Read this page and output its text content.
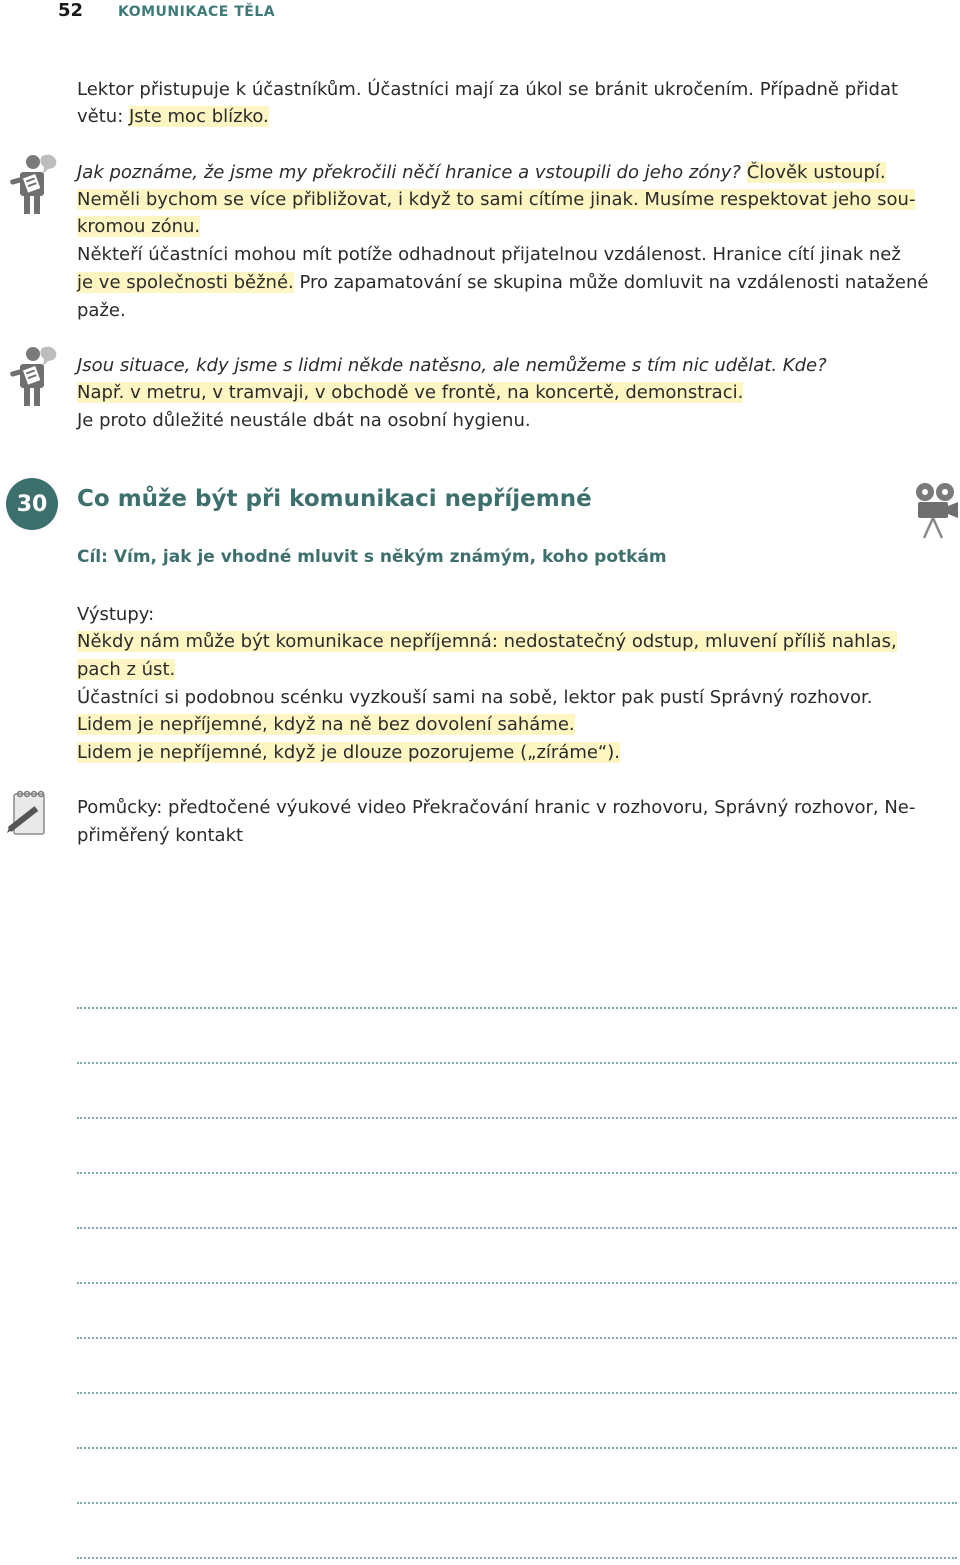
52 KOMUNIKACE TĚLA
Lektor přistupuje k účastníkům. Účastníci mají za úkol se bránit ukročením. Případně přidat
větu: Jste moc blízko.
Jak poznáme, že jsme my překročili něčí hranice a vstoupili do jeho zóny? Člověk ustoupí.
Neměli bychom se více přibližovat, i když to sami cítíme jinak. Musíme respektovat jeho sou-
kromou zónu.
Někteří účastníci mohou mít potíže odhadnout přijatelnou vzdálenost. Hranice cítí jinak než
je ve společnosti běžné. Pro zapamatování se skupina může domluvit na vzdálenosti natažené
paže.
Jsou situace, kdy jsme s lidmi někde natěsno, ale nemůžeme s tím nic udělat. Kde?
Např. v metru, v tramvaji, v obchodě ve frontě, na koncertě, demonstraci.
Je proto důležité neustále dbát na osobní hygienu.
30	Co může být při komunikaci nepříjemné
Cíl: Vím, jak je vhodné mluvit s někým známým, koho potkám
Výstupy:
Někdy nám může být komunikace nepříjemná: nedostatečný odstup, mluvení příliš nahlas,
pach z úst.
Účastníci si podobnou scénku vyzkouší sami na sobě, lektor pak pustí Správný rozhovor.
Lidem je nepříjemné, když na ně bez dovolení saháme.
Lidem je nepříjemné, když je dlouze pozorujeme („zíráme“).
Pomůcky: předtočené výukové video Překračování hranic v rozhovoru, Správný rozhovor, Ne-
přiměřený kontakt
